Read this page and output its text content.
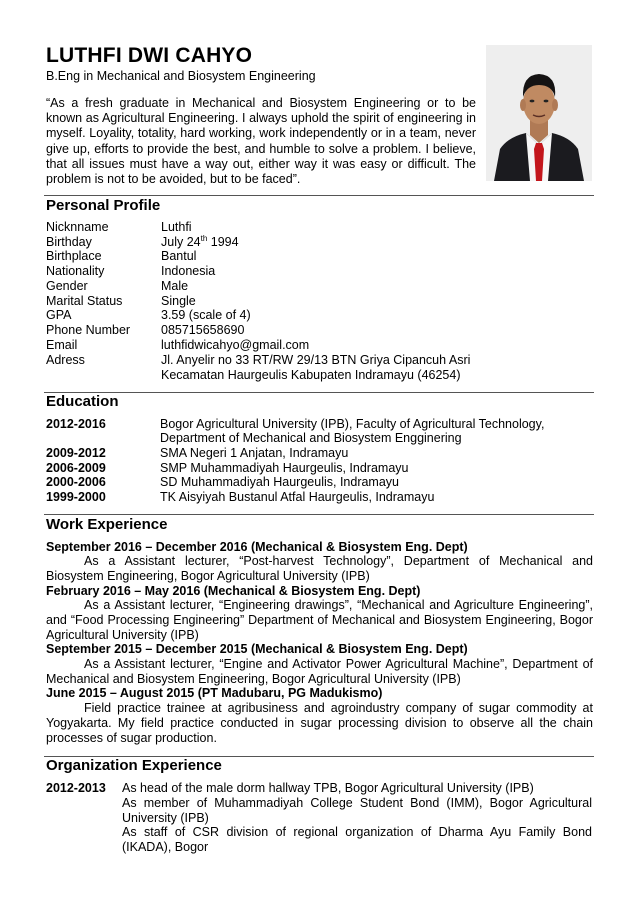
LUTHFI DWI CAHYO
B.Eng in Mechanical and Biosystem Engineering
“As a fresh graduate in Mechanical and Biosystem Engineering or to be known as Agricultural Engineering. I always uphold the spirit of engineering in myself. Loyality, totality, hard working, work independently or in a team, never give up, efforts to provide the best, and humble to solve a problem. I believe, that all issues must have a way out, either way it was easy or difficult. The problem is not to be avoided, but to be faced”.
Personal Profile
Nicknname	Luthfi
Birthday	July 24th 1994
Birthplace	Bantul
Nationality	Indonesia
Gender	Male
Marital Status	Single
GPA	3.59 (scale of 4)
Phone Number 085715658690
Email	luthfidwicahyo@gmail.com
Adress	Jl. Anyelir no 33 RT/RW 29/13 BTN Griya Cipancuh Asri
Kecamatan Haurgeulis Kabupaten Indramayu (46254)
Education
2012-2016	Bogor Agricultural University (IPB), Faculty of Agricultural Technology,
Department of Mechanical and Biosystem Engginering
2009-2012	SMA Negeri 1 Anjatan, Indramayu
2006-2009	SMP Muhammadiyah Haurgeulis, Indramayu
2000-2006	SD Muhammadiyah Haurgeulis, Indramayu
1999-2000	TK Aisyiyah Bustanul Atfal Haurgeulis, Indramayu
Work Experience
September 2016 – December 2016 (Mechanical & Biosystem Eng. Dept)
As a Assistant lecturer, “Post-harvest Technology”, Department of Mechanical and Biosystem Engineering, Bogor Agricultural University (IPB)
February 2016 – May 2016 (Mechanical & Biosystem Eng. Dept)
As a Assistant lecturer, “Engineering drawings”, “Mechanical and Agriculture Engineering”, and “Food Processing Engineering” Department of Mechanical and Biosystem Engineering, Bogor Agricultural University (IPB)
September 2015 – December 2015 (Mechanical & Biosystem Eng. Dept)
As a Assistant lecturer, “Engine and Activator Power Agricultural Machine”, Department of Mechanical and Biosystem Engineering, Bogor Agricultural University (IPB)
June 2015 – August 2015 (PT Madubaru, PG Madukismo)
Field practice trainee at agribusiness and agroindustry company of sugar commodity at Yogyakarta. My field practice conducted in sugar processing division to observe all the chain processes of sugar production.
Organization Experience
2012-2013 As head of the male dorm hallway TPB, Bogor Agricultural University (IPB)
As member of Muhammadiyah College Student Bond (IMM), Bogor Agricultural University (IPB)
As staff of CSR division of regional organization of Dharma Ayu Family Bond (IKADA), Bogor
